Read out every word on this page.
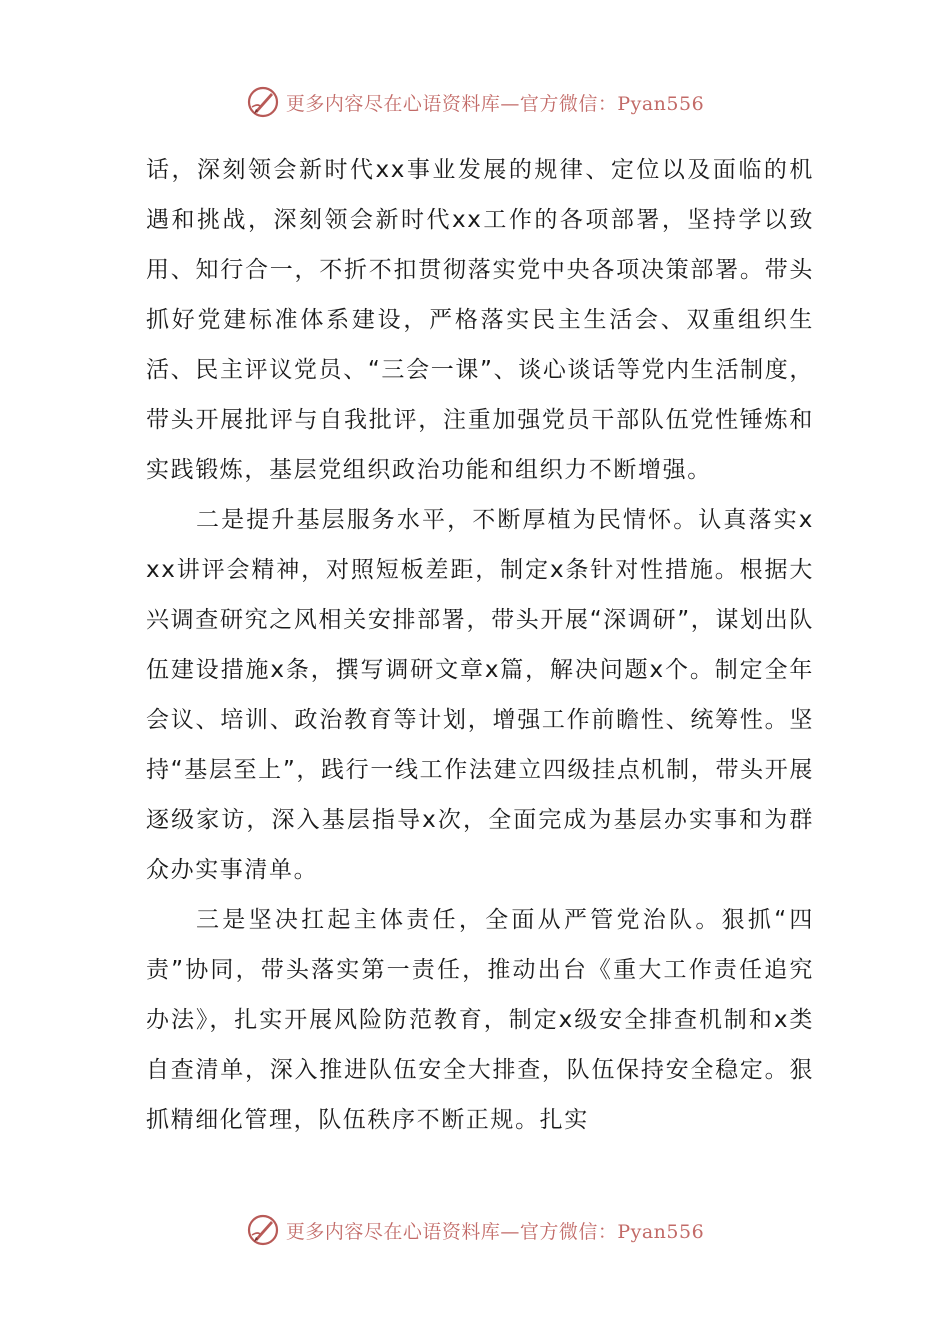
更多内容尽在心语资料库—官方微信：Pyan556

话，深刻领会新时代xx事业发展的规律、定位以及面临的机遇和挑战，深刻领会新时代xx工作的各项部署，坚持学以致用、知行合一，不折不扣贯彻落实党中央各项决策部署。带头抓好党建标准体系建设，严格落实民主生活会、双重组织生活、民主评议党员、“三会一课”、谈心谈话等党内生活制度，带头开展批评与自我批评，注重加强党员干部队伍党性锤炼和实践锻炼，基层党组织政治功能和组织力不断增强。

二是提升基层服务水平，不断厚植为民情怀。认真落实xxx讲评会精神，对照短板差距，制定x条针对性措施。根据大兴调查研究之风相关安排部署，带头开展“深调研”，谋划出队伍建设措施x条，撰写调研文章x篇，解决问题x个。制定全年会议、培训、政治教育等计划，增强工作前瞻性、统筹性。坚持“基层至上”，践行一线工作法建立四级挂点机制，带头开展逐级家访，深入基层指导x次，全面完成为基层办实事和为群众办实事清单。

三是坚决扛起主体责任，全面从严管党治队。狠抓“四责”协同，带头落实第一责任，推动出台《重大工作责任追究办法》，扎实开展风险防范教育，制定x级安全排查机制和x类自查清单，深入推进队伍安全大排查，队伍保持安全稳定。狠抓精细化管理，队伍秩序不断正规。扎实

更多内容尽在心语资料库—官方微信：Pyan556
